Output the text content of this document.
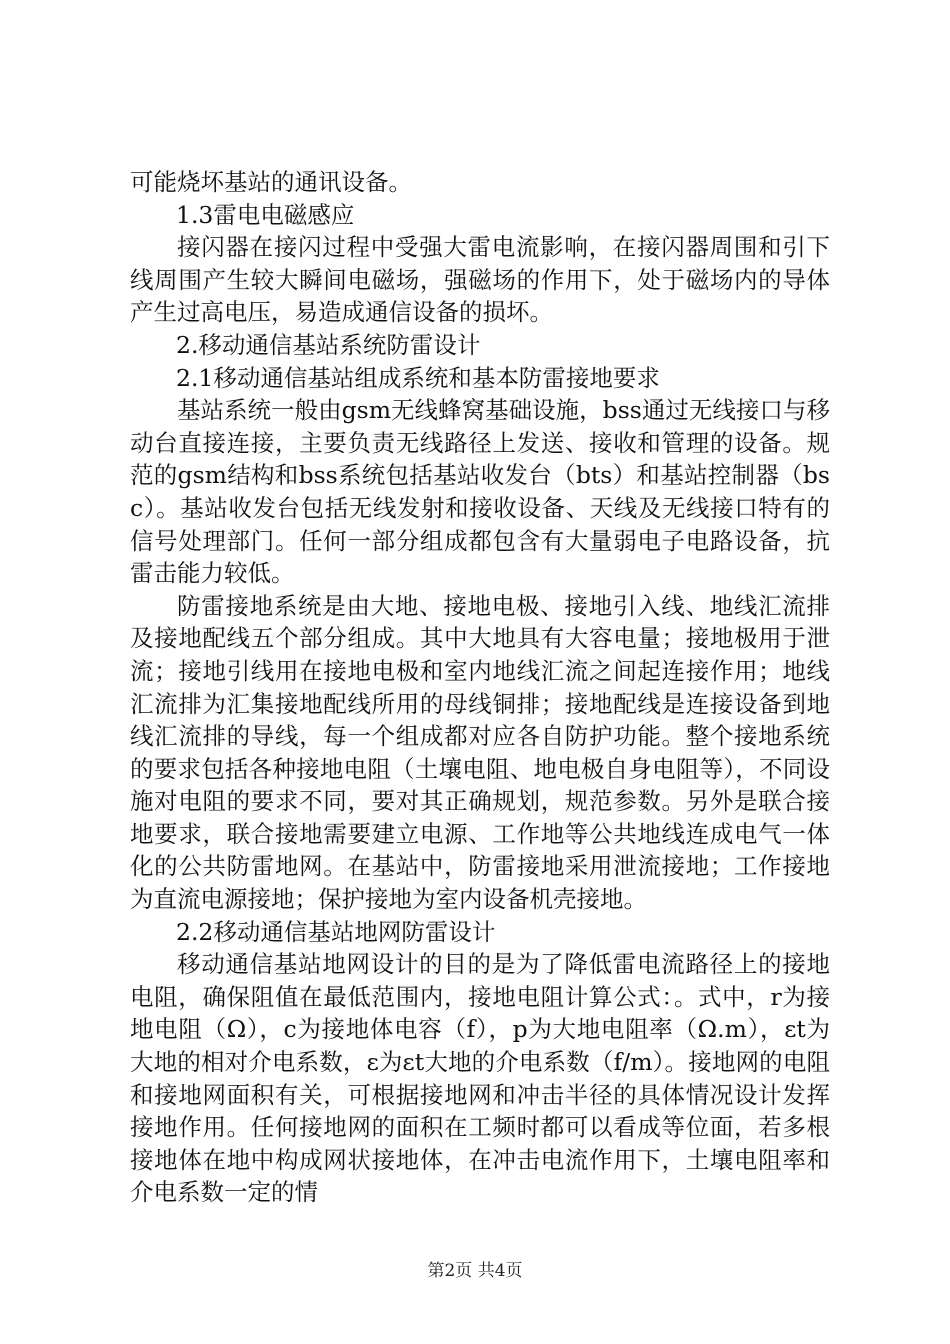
可能烧坏基站的通讯设备。

1.3雷电电磁感应

接闪器在接闪过程中受强大雷电流影响，在接闪器周围和引下线周围产生较大瞬间电磁场，强磁场的作用下，处于磁场内的导体产生过高电压，易造成通信设备的损坏。

2.移动通信基站系统防雷设计

2.1移动通信基站组成系统和基本防雷接地要求

基站系统一般由gsm无线蜂窝基础设施，bss通过无线接口与移动台直接连接，主要负责无线路径上发送、接收和管理的设备。规范的gsm结构和bss系统包括基站收发台（bts）和基站控制器（bsc）。基站收发台包括无线发射和接收设备、天线及无线接口特有的信号处理部门。任何一部分组成都包含有大量弱电子电路设备，抗雷击能力较低。

防雷接地系统是由大地、接地电极、接地引入线、地线汇流排及接地配线五个部分组成。其中大地具有大容电量；接地极用于泄流；接地引线用在接地电极和室内地线汇流之间起连接作用；地线汇流排为汇集接地配线所用的母线铜排；接地配线是连接设备到地线汇流排的导线，每一个组成都对应各自防护功能。整个接地系统的要求包括各种接地电阻（土壤电阻、地电极自身电阻等），不同设施对电阻的要求不同，要对其正确规划，规范参数。另外是联合接地要求，联合接地需要建立电源、工作地等公共地线连成电气一体化的公共防雷地网。在基站中，防雷接地采用泄流接地；工作接地为直流电源接地；保护接地为室内设备机壳接地。

2.2移动通信基站地网防雷设计

移动通信基站地网设计的目的是为了降低雷电流路径上的接地电阻，确保阻值在最低范围内，接地电阻计算公式：。式中，r为接地电阻（Ω），c为接地体电容（f），p为大地电阻率（Ω.m），εt为大地的相对介电系数，ε为εt大地的介电系数（f/m）。接地网的电阻和接地网面积有关，可根据接地网和冲击半径的具体情况设计发挥接地作用。任何接地网的面积在工频时都可以看成等位面，若多根接地体在地中构成网状接地体，在冲击电流作用下，土壤电阻率和介电系数一定的情

第2页 共4页
